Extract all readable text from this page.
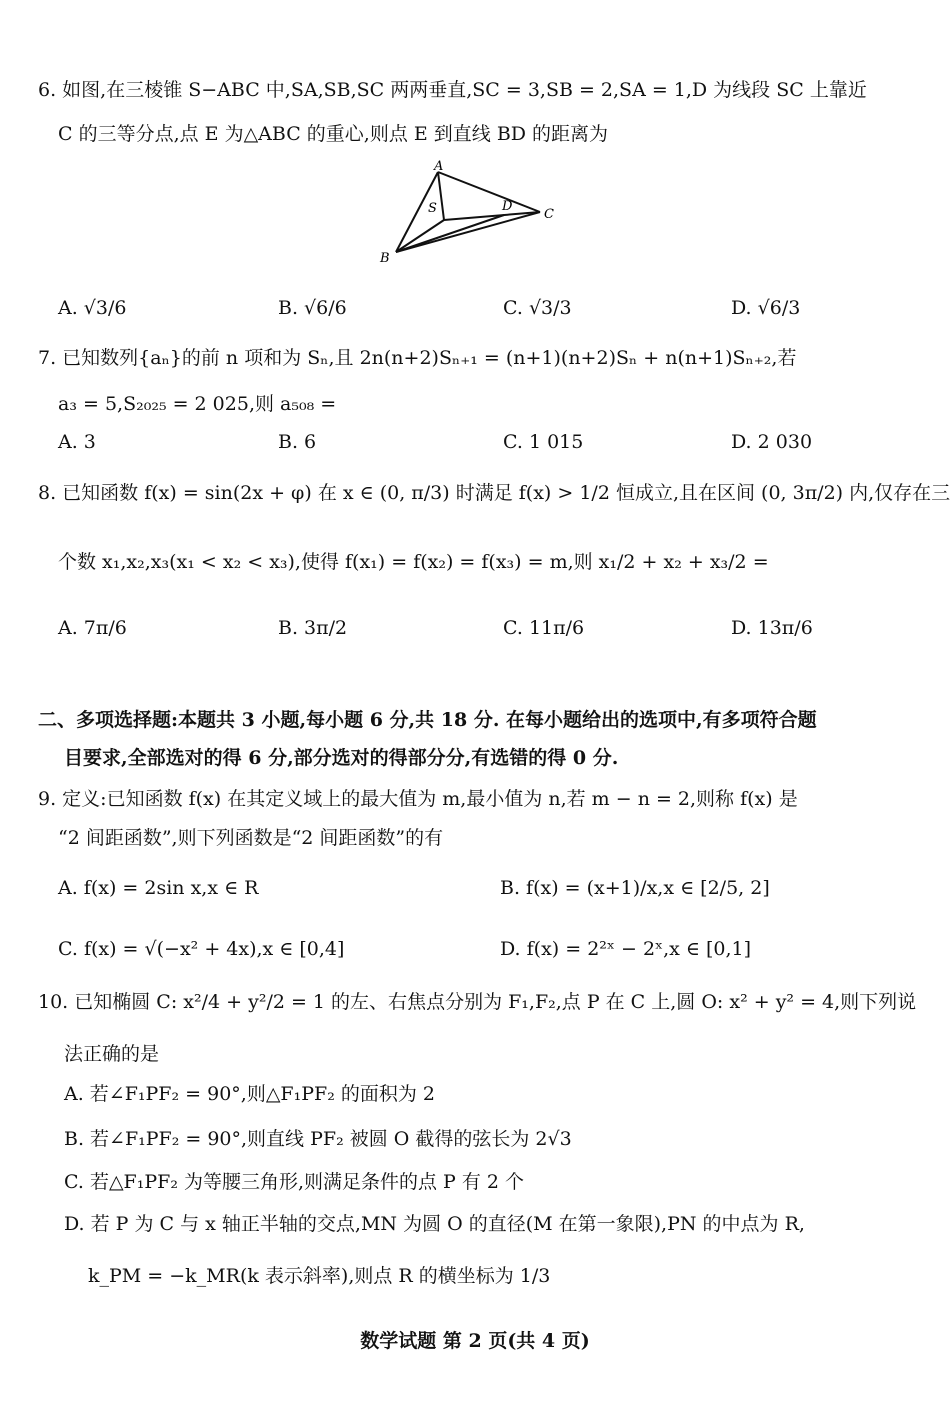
6. 如图,在三棱锥 S−ABC 中,SA,SB,SC 两两垂直,SC = 3,SB = 2,SA = 1,D 为线段 SC 上靠近
C 的三等分点,点 E 为△ABC 的重心,则点 E 到直线 BD 的距离为
A
S	D
C
B
A. √3/6	B. √6/6	C. √3/3	D. √6/3
7. 已知数列{aₙ}的前 n 项和为 Sₙ,且 2n(n+2)Sₙ₊₁ = (n+1)(n+2)Sₙ + n(n+1)Sₙ₊₂,若
a₃ = 5,S₂₀₂₅ = 2 025,则 a₅₀₈ =
A. 3	B. 6	C. 1 015	D. 2 030
8. 已知函数 f(x) = sin(2x + φ) 在 x ∈ (0, π/3) 时满足 f(x) > 1/2 恒成立,且在区间 (0, 3π/2) 内,仅存在三
个数 x₁,x₂,x₃(x₁ < x₂ < x₃),使得 f(x₁) = f(x₂) = f(x₃) = m,则 x₁/2 + x₂ + x₃/2 =
A. 7π/6	B. 3π/2	C. 11π/6	D. 13π/6
二、多项选择题:本题共 3 小题,每小题 6 分,共 18 分. 在每小题给出的选项中,有多项符合题
目要求,全部选对的得 6 分,部分选对的得部分分,有选错的得 0 分.
9. 定义:已知函数 f(x) 在其定义域上的最大值为 m,最小值为 n,若 m − n = 2,则称 f(x) 是
“2 间距函数”,则下列函数是“2 间距函数”的有
A. f(x) = 2sin x,x ∈ R	B. f(x) = (x+1)/x,x ∈ [2/5, 2]
C. f(x) = √(−x² + 4x),x ∈ [0,4]	D. f(x) = 2²ˣ − 2ˣ,x ∈ [0,1]
10. 已知椭圆 C: x²/4 + y²/2 = 1 的左、右焦点分别为 F₁,F₂,点 P 在 C 上,圆 O: x² + y² = 4,则下列说
法正确的是
A. 若∠F₁PF₂ = 90°,则△F₁PF₂ 的面积为 2
B. 若∠F₁PF₂ = 90°,则直线 PF₂ 被圆 O 截得的弦长为 2√3
C. 若△F₁PF₂ 为等腰三角形,则满足条件的点 P 有 2 个
D. 若 P 为 C 与 x 轴正半轴的交点,MN 为圆 O 的直径(M 在第一象限),PN 的中点为 R,
k_PM = −k_MR(k 表示斜率),则点 R 的横坐标为 1/3
数学试题 第 2 页(共 4 页)
